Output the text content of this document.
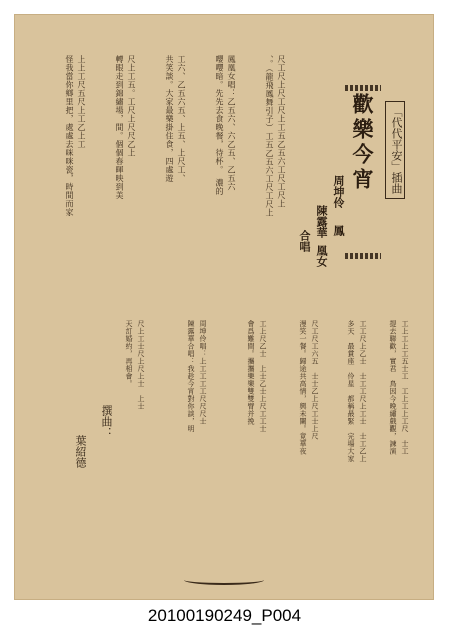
「代代平安」插曲
歡樂今宵
周坤伶
陳露華 鳳
凰女
合唱
尺工尺上尺工尺上工五乙五六工尺工尺上
、。（龍飛鳳舞引子）工五乙五六工尺工尺上
鳳凰女唱：乙五六、六乙五、乙五六
嚶嚶暗。先先去食晚餐，待杯。　濃的
工六、乙五六五、上五、上尺工、
共笑談。大家最樂掛住食，四處遊
尺上工五。工尺上尺尺乙上
轉眼走到錦繡場，間。個個春暉映到美
上上工尺五尺上工乙上工
怪我當你鄉里把，處處去咪咪瓷，時間而家
工上工上工五士工　工上工上工尺　士工
提去聯歡，實君　鳥因今晚繡戲觀，諫演
工工尺上乙士　士工工尺上工士　士工乙上
多天　最賞座　伶星　都稱最緊　完場大家
尺工尺工六五　士士乙上尺工士上尺
漫笑一餐。歸途共高情，興未闌。竟華夜
工上尺乙士　上士乙士上尺工工士
會爲難間。攜攜樂樂雙雙臂并挽
周坤伶唱：上工工工工尺尺尺士
陳露華合唱：我趁今宵對你談，明
尺上工士尺上尺上士　上士
天訂婚約，再相會。
撰曲：
葉紹德
20100190249_P004
